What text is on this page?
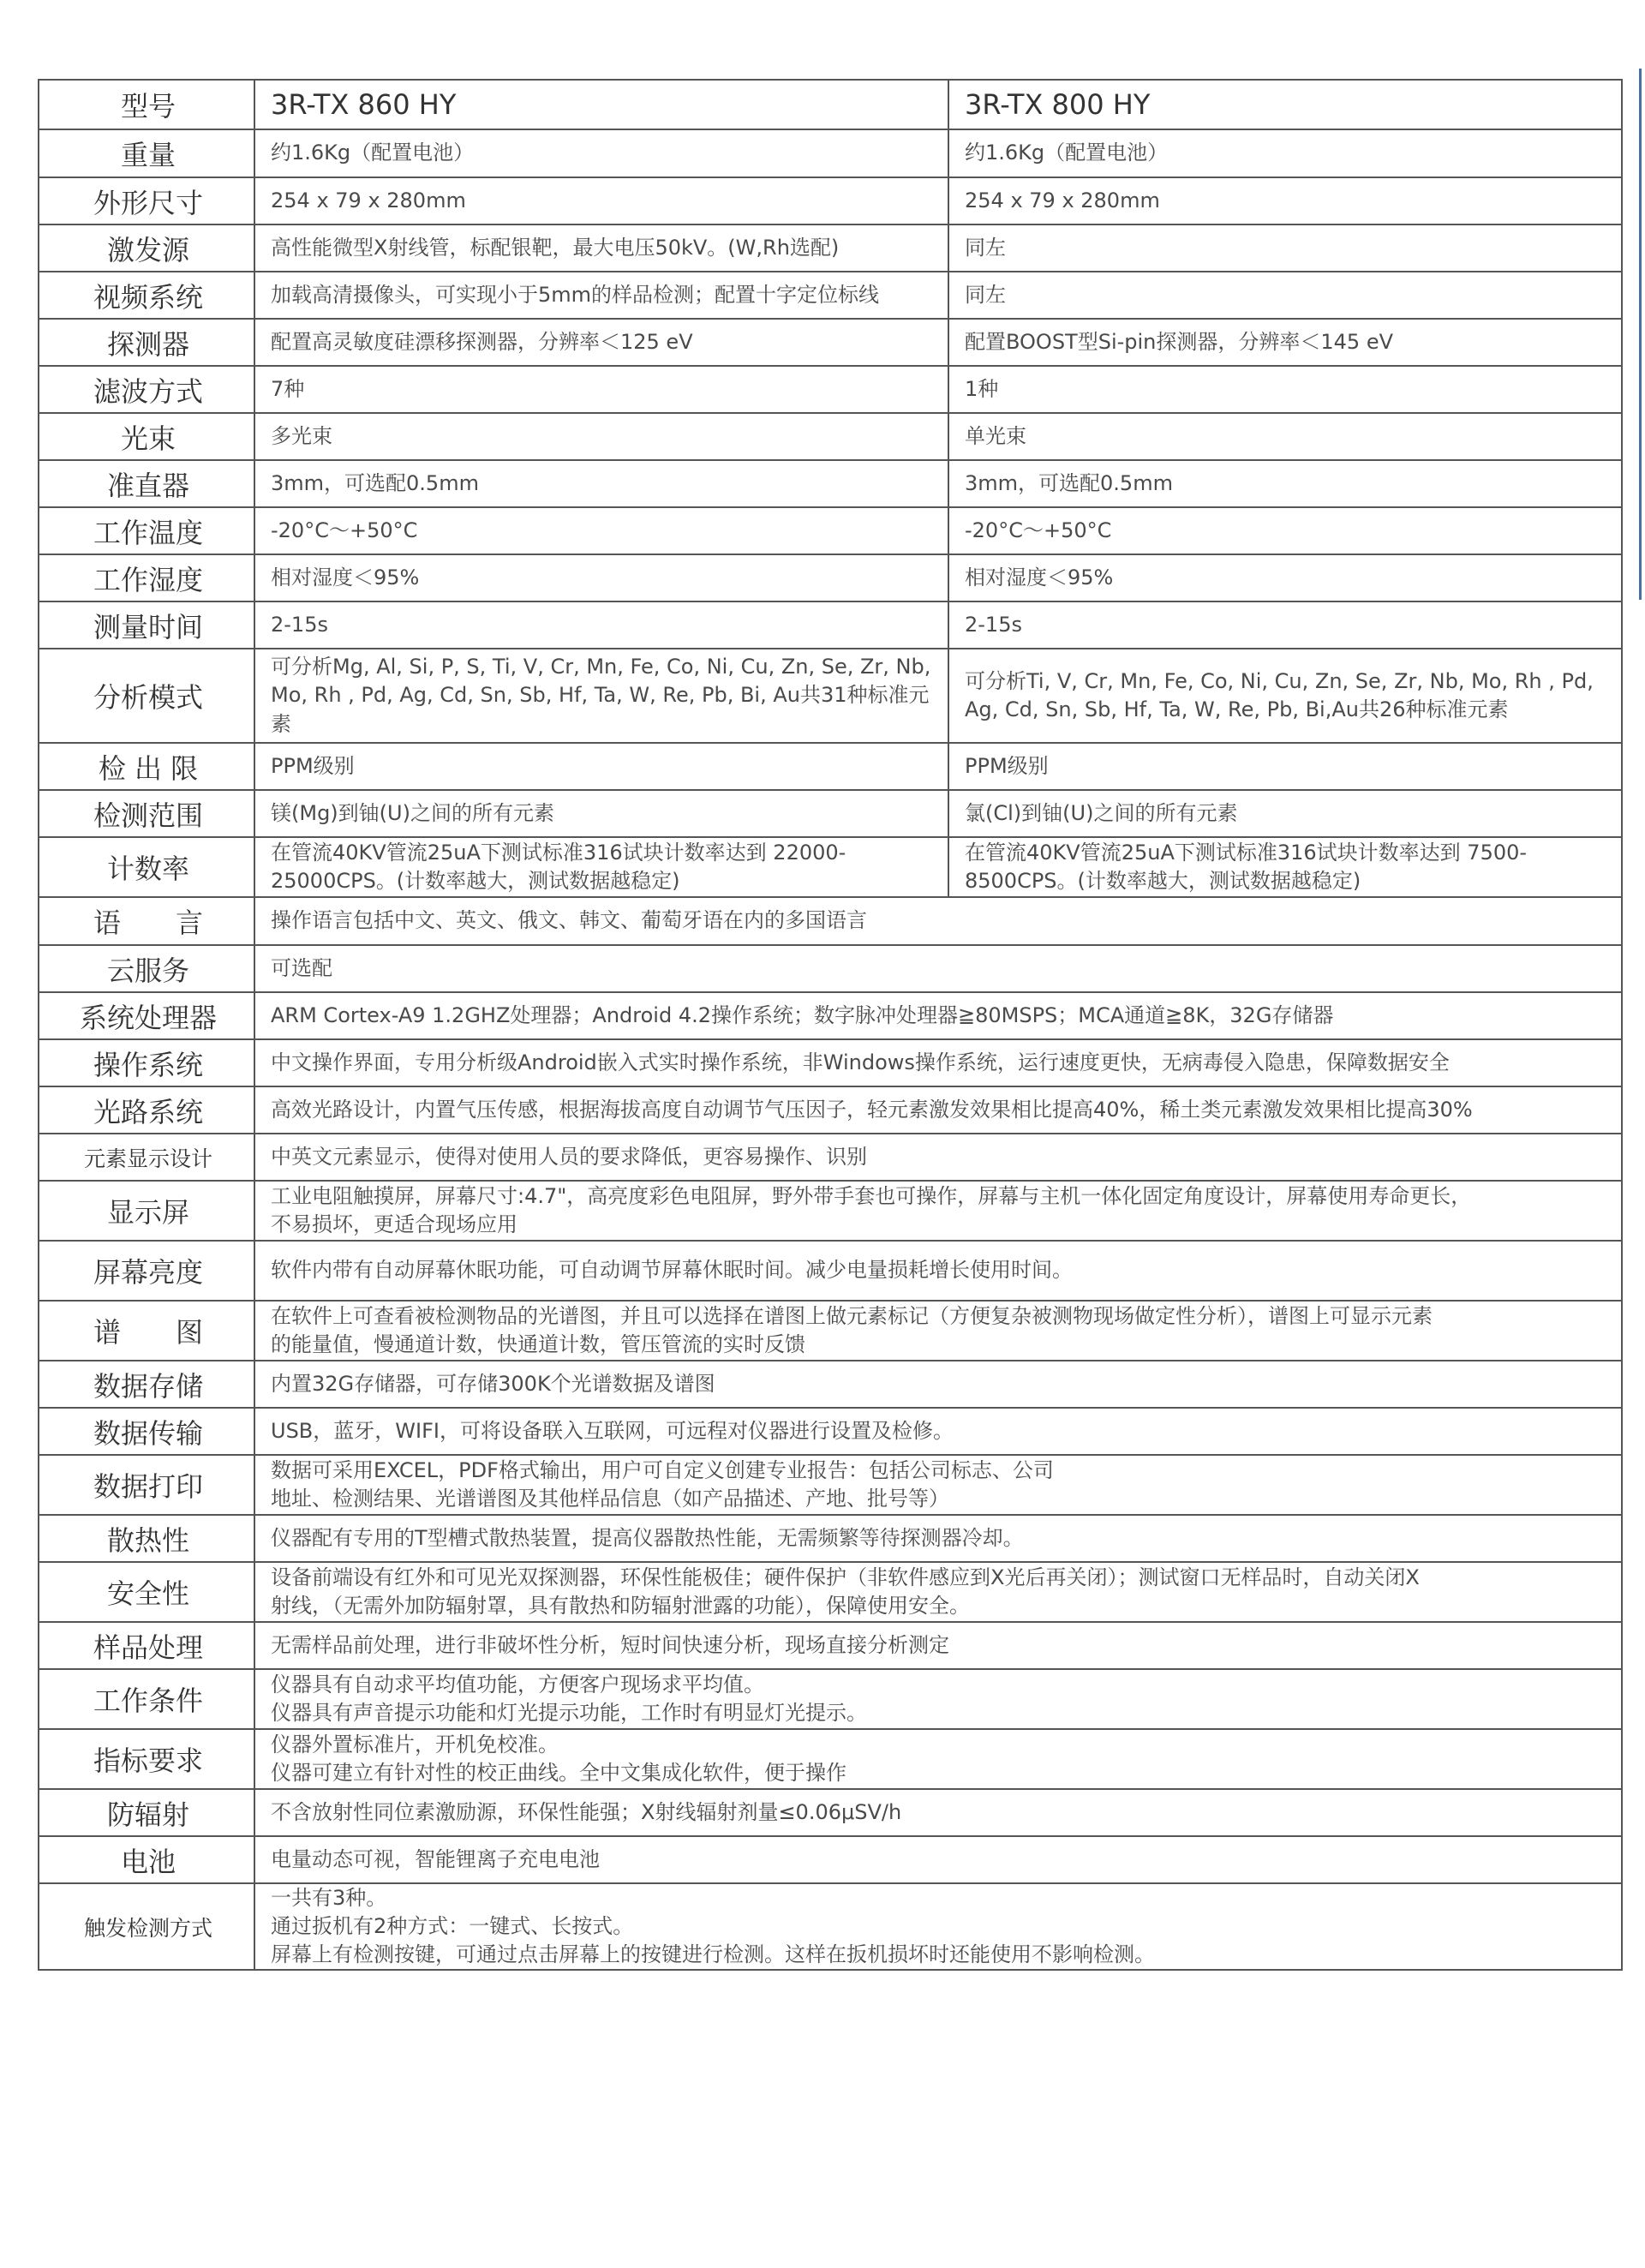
型号	3R-TX 860 HY	3R-TX 800 HY
重量	约1.6Kg（配置电池）	约1.6Kg（配置电池）
外形尺寸	254 x 79 x 280mm	254 x 79 x 280mm
激发源	高性能微型X射线管，标配银靶，最大电压50kV。(W,Rh选配)	同左
视频系统	加载高清摄像头，可实现小于5mm的样品检测；配置十字定位标线	同左
探测器	配置高灵敏度硅漂移探测器，分辨率＜125 eV	配置BOOST型Si-pin探测器，分辨率＜145 eV
滤波方式	7种	1种
光束	多光束	单光束
准直器	3mm，可选配0.5mm	3mm，可选配0.5mm
工作温度	-20°C～+50°C	-20°C～+50°C
工作湿度	相对湿度＜95%	相对湿度＜95%
测量时间	2-15s	2-15s
分析模式	可分析Mg, Al, Si, P, S, Ti, V, Cr, Mn, Fe, Co, Ni, Cu, Zn, Se, Zr, Nb, Mo, Rh , Pd, Ag, Cd, Sn, Sb, Hf, Ta, W, Re, Pb, Bi, Au共31种标准元素	可分析Ti, V, Cr, Mn, Fe, Co, Ni, Cu, Zn, Se, Zr, Nb, Mo, Rh , Pd, Ag, Cd, Sn, Sb, Hf, Ta, W, Re, Pb, Bi,Au共26种标准元素
检 出 限	PPM级别	PPM级别
检测范围	镁(Mg)到铀(U)之间的所有元素	氯(Cl)到铀(U)之间的所有元素
计数率	在管流40KV管流25uA下测试标准316试块计数率达到 22000-25000CPS。(计数率越大，测试数据越稳定)	在管流40KV管流25uA下测试标准316试块计数率达到 7500-8500CPS。(计数率越大，测试数据越稳定)
语　　言	操作语言包括中文、英文、俄文、韩文、葡萄牙语在内的多国语言	

云服务	可选配	

系统处理器	ARM Cortex-A9 1.2GHZ处理器；Android 4.2操作系统；数字脉冲处理器≧80MSPS；MCA通道≧8K，32G存储器	

操作系统	中文操作界面，专用分析级Android嵌入式实时操作系统，非Windows操作系统，运行速度更快，无病毒侵入隐患，保障数据安全	

光路系统	高效光路设计，内置气压传感，根据海拔高度自动调节气压因子，轻元素激发效果相比提高40%，稀土类元素激发效果相比提高30%	

元素显示设计	中英文元素显示，使得对使用人员的要求降低，更容易操作、识别	

显示屏	工业电阻触摸屏，屏幕尺寸:4.7"，高亮度彩色电阻屏，野外带手套也可操作，屏幕与主机一体化固定角度设计，屏幕使用寿命更长，
不易损坏，更适合现场应用	

屏幕亮度	软件内带有自动屏幕休眠功能，可自动调节屏幕休眠时间。减少电量损耗增长使用时间。	

谱　　图	在软件上可查看被检测物品的光谱图，并且可以选择在谱图上做元素标记（方便复杂被测物现场做定性分析），谱图上可显示元素
的能量值，慢通道计数，快通道计数，管压管流的实时反馈	

数据存储	内置32G存储器，可存储300K个光谱数据及谱图	

数据传输	USB，蓝牙，WIFI，可将设备联入互联网，可远程对仪器进行设置及检修。	

数据打印	数据可采用EXCEL，PDF格式输出，用户可自定义创建专业报告：包括公司标志、公司
地址、检测结果、光谱谱图及其他样品信息（如产品描述、产地、批号等）	

散热性	仪器配有专用的T型槽式散热装置，提高仪器散热性能，无需频繁等待探测器冷却。	

安全性	设备前端设有红外和可见光双探测器，环保性能极佳；硬件保护（非软件感应到X光后再关闭）；测试窗口无样品时，自动关闭X
射线，（无需外加防辐射罩，具有散热和防辐射泄露的功能），保障使用安全。	

样品处理	无需样品前处理，进行非破坏性分析，短时间快速分析，现场直接分析测定	

工作条件	仪器具有自动求平均值功能，方便客户现场求平均值。
仪器具有声音提示功能和灯光提示功能，工作时有明显灯光提示。	

指标要求	仪器外置标准片，开机免校准。
仪器可建立有针对性的校正曲线。全中文集成化软件，便于操作	

防辐射	不含放射性同位素激励源，环保性能强；X射线辐射剂量≤0.06μSV/h	

电池	电量动态可视，智能锂离子充电电池	

触发检测方式	一共有3种。
通过扳机有2种方式：一键式、长按式。
屏幕上有检测按键，可通过点击屏幕上的按键进行检测。这样在扳机损坏时还能使用不影响检测。	
